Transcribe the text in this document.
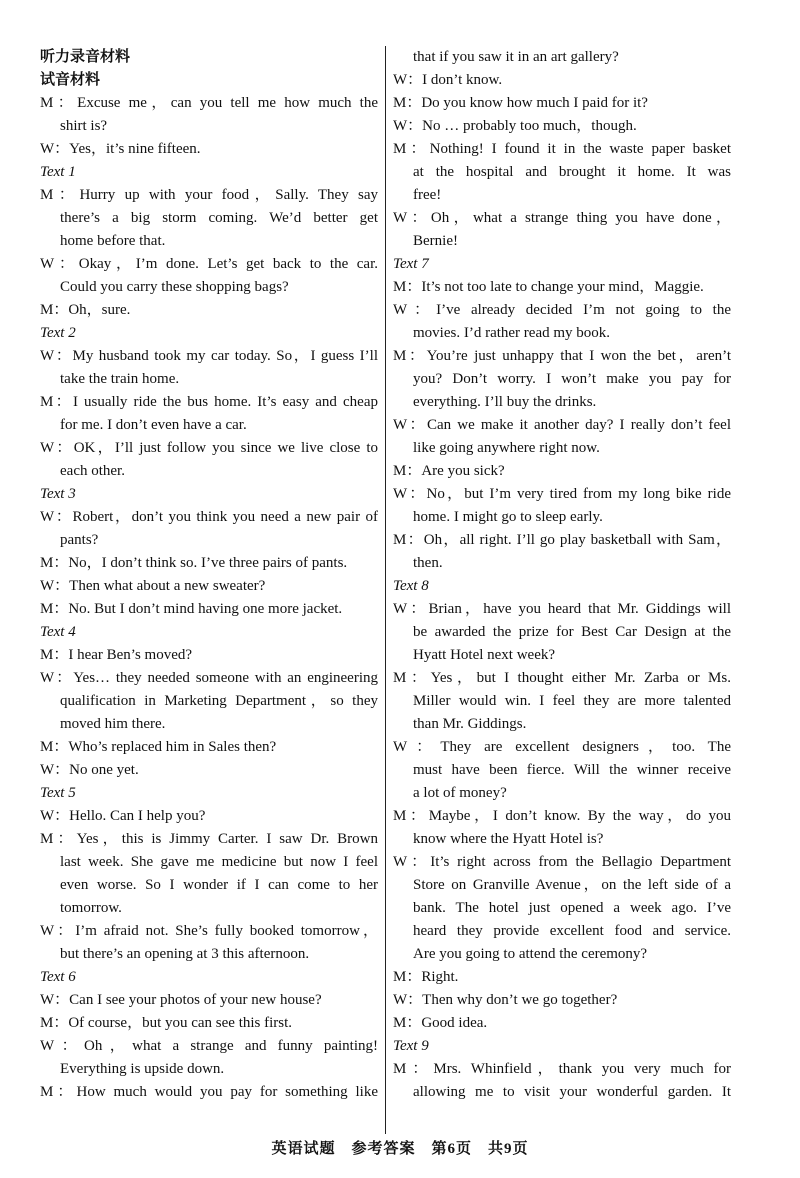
听力录音材料
试音材料
M：Excuse me，can you tell me how much the
shirt is?
W：Yes，it’s nine fifteen.
Text 1
M：Hurry up with your food，Sally. They say
there’s a big storm coming. We’d better get
home before that.
W：Okay，I’m done. Let’s get back to the car.
Could you carry these shopping bags?
M：Oh，sure.
Text 2
W：My husband took my car today. So，I guess I’ll
take the train home.
M：I usually ride the bus home. It’s easy and cheap
for me. I don’t even have a car.
W：OK，I’ll just follow you since we live close to
each other.
Text 3
W：Robert，don’t you think you need a new pair of
pants?
M：No，I don’t think so. I’ve three pairs of pants.
W：Then what about a new sweater?
M：No. But I don’t mind having one more jacket.
Text 4
M：I hear Ben’s moved?
W：Yes… they needed someone with an engineering
qualification in Marketing Department，so they
moved him there.
M：Who’s replaced him in Sales then?
W：No one yet.
Text 5
W：Hello. Can I help you?
M：Yes，this is Jimmy Carter. I saw Dr. Brown
last week. She gave me medicine but now I feel
even worse. So I wonder if I can come to her
tomorrow.
W：I’m afraid not. She’s fully booked tomorrow，
but there’s an opening at 3 this afternoon.
Text 6
W：Can I see your photos of your new house?
M：Of course，but you can see this first.
W：Oh，what a strange and funny painting!
Everything is upside down.
M：How much would you pay for something like
that if you saw it in an art gallery?
W：I don’t know.
M：Do you know how much I paid for it?
W：No … probably too much，though.
M：Nothing! I found it in the waste paper basket
at the hospital and brought it home. It was
free!
W：Oh，what a strange thing you have done，
Bernie!
Text 7
M：It’s not too late to change your mind，Maggie.
W：I’ve already decided I’m not going to the
movies. I’d rather read my book.
M：You’re just unhappy that I won the bet，aren’t
you? Don’t worry. I won’t make you pay for
everything. I’ll buy the drinks.
W：Can we make it another day? I really don’t feel
like going anywhere right now.
M：Are you sick?
W：No，but I’m very tired from my long bike ride
home. I might go to sleep early.
M：Oh，all right. I’ll go play basketball with Sam，
then.
Text 8
W：Brian，have you heard that Mr. Giddings will
be awarded the prize for Best Car Design at the
Hyatt Hotel next week?
M：Yes，but I thought either Mr. Zarba or Ms.
Miller would win. I feel they are more talented
than Mr. Giddings.
W：They are excellent designers，too. The
must have been fierce. Will the winner receive
a lot of money?
M：Maybe，I don’t know. By the way，do you
know where the Hyatt Hotel is?
W：It’s right across from the Bellagio Department
Store on Granville Avenue，on the left side of a
bank. The hotel just opened a week ago. I’ve
heard they provide excellent food and service.
Are you going to attend the ceremony?
M：Right.
W：Then why don’t we go together?
M：Good idea.
Text 9
M：Mrs. Whinfield，thank you very much for
allowing me to visit your wonderful garden. It
英语试题　参考答案　第6页　共9页
